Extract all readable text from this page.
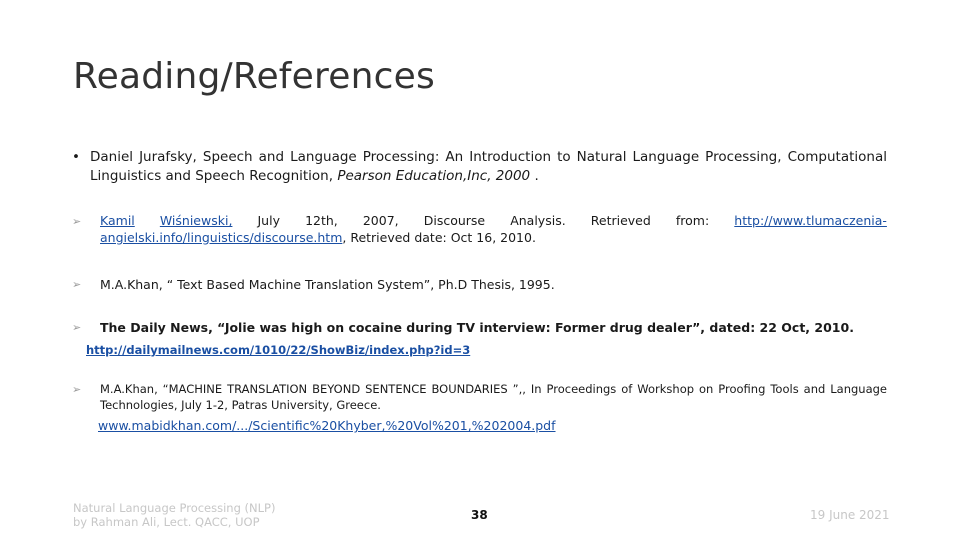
Reading/References
• Daniel Jurafsky, Speech and Language Processing: An Introduction to Natural Language Processing, Computational Linguistics and Speech Recognition, Pearson Education,Inc, 2000 .
➢ Kamil Wiśniewski, July 12th, 2007, Discourse Analysis. Retrieved from: http://www.tlumaczenia-
angielski.info/linguistics/discourse.htm, Retrieved date: Oct 16, 2010.
➢ M.A.Khan, “ Text Based Machine Translation System”, Ph.D Thesis, 1995.
➢ The Daily News, “Jolie was high on cocaine during TV interview: Former drug dealer”, dated: 22 Oct, 2010.
http://dailymailnews.com/1010/22/ShowBiz/index.php?id=3
➢ M.A.Khan, “MACHINE TRANSLATION BEYOND SENTENCE BOUNDARIES ”,, In Proceedings of Workshop on Proofing Tools and Language Technologies, July 1-2, Patras University, Greece.
www.mabidkhan.com/.../Scientific%20Khyber,%20Vol%201,%202004.pdf
Natural Language Processing (NLP)
by Rahman Ali, Lect. QACC, UOP	38	19 June 2021
